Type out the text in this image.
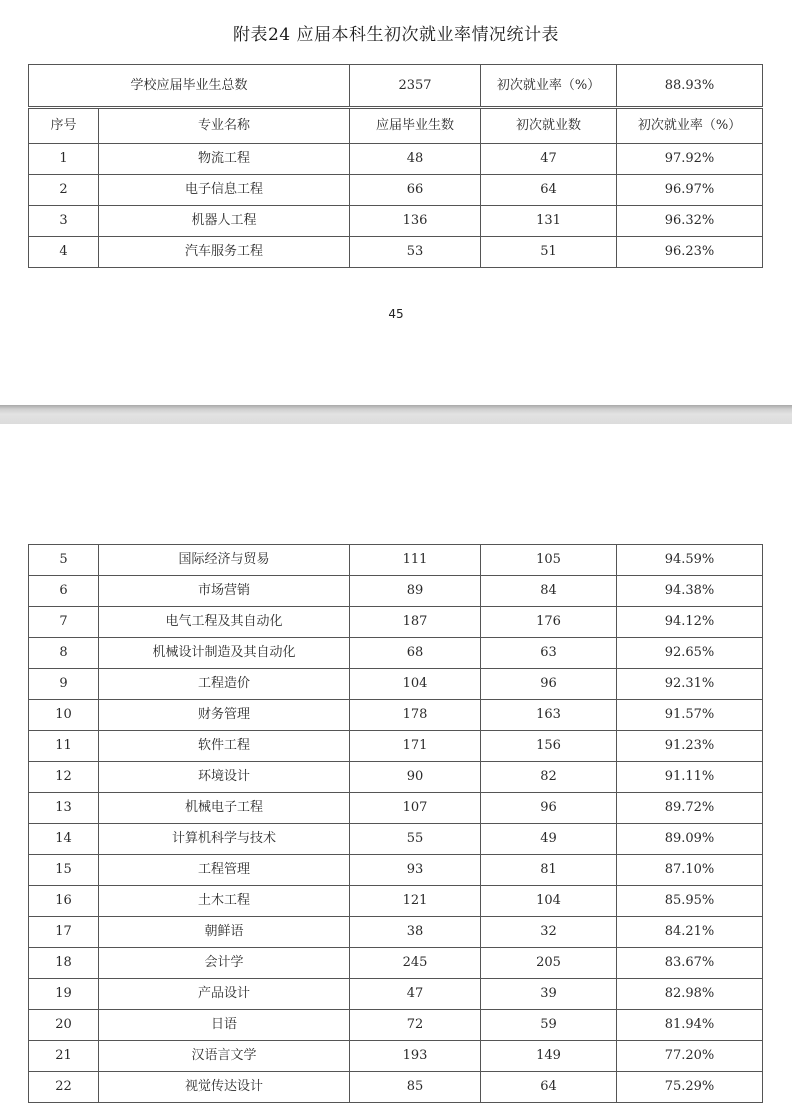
附表24 应届本科生初次就业率情况统计表
学校应届毕业生总数		2357	初次就业率（%）	88.93%
序号	专业名称	应届毕业生数	初次就业数	初次就业率（%）
1	物流工程	48	47	97.92%
2	电子信息工程	66	64	96.97%
3	机器人工程	136	131	96.32%
4	汽车服务工程	53	51	96.23%
45
5	国际经济与贸易	111	105	94.59%
6	市场营销	89	84	94.38%
7	电气工程及其自动化	187	176	94.12%
8	机械设计制造及其自动化	68	63	92.65%
9	工程造价	104	96	92.31%
10	财务管理	178	163	91.57%
11	软件工程	171	156	91.23%
12	环境设计	90	82	91.11%
13	机械电子工程	107	96	89.72%
14	计算机科学与技术	55	49	89.09%
15	工程管理	93	81	87.10%
16	土木工程	121	104	85.95%
17	朝鲜语	38	32	84.21%
18	会计学	245	205	83.67%
19	产品设计	47	39	82.98%
20	日语	72	59	81.94%
21	汉语言文学	193	149	77.20%
22	视觉传达设计	85	64	75.29%
